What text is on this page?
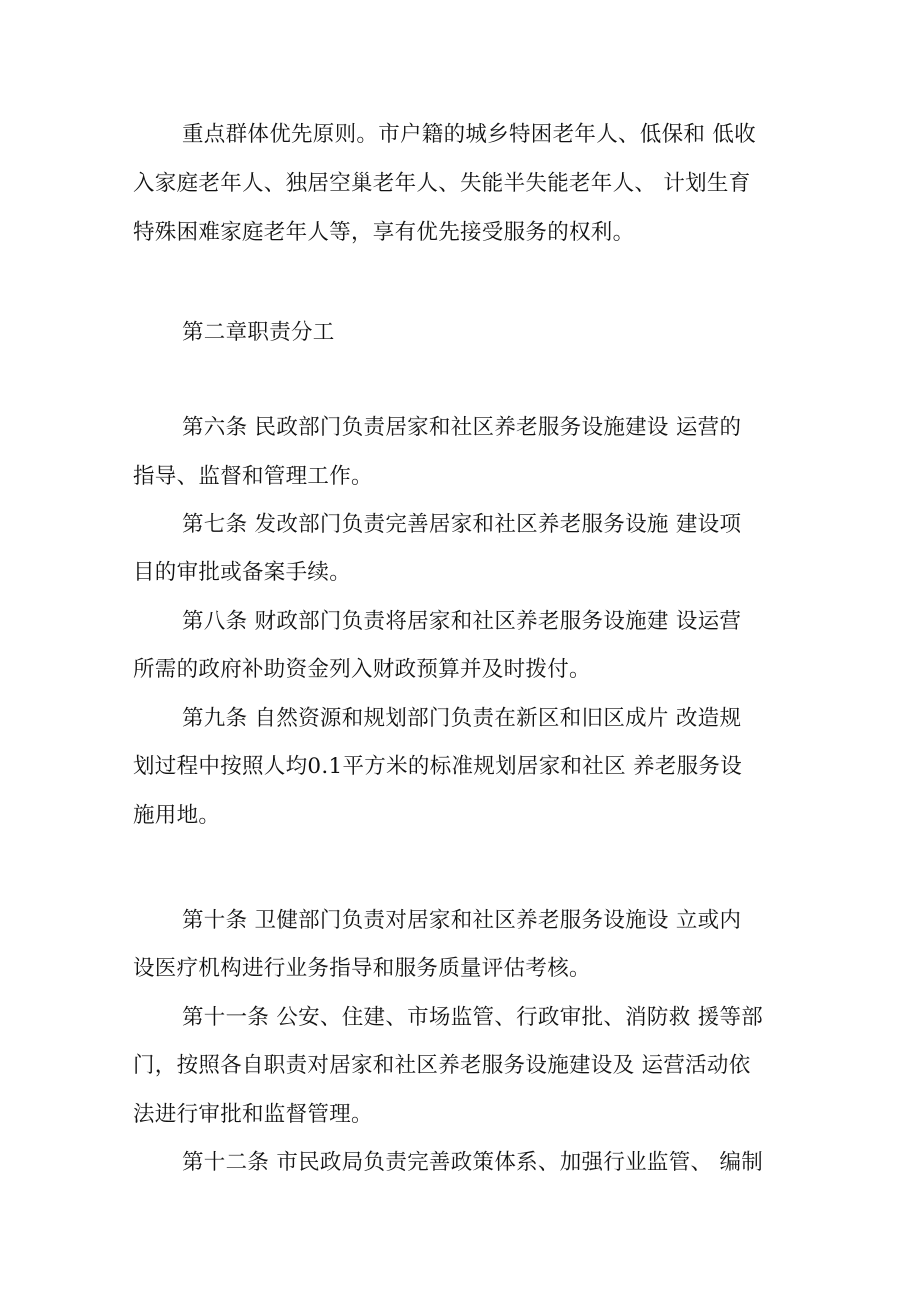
重点群体优先原则。市户籍的城乡特困老年人、低保和 低收
入家庭老年人、独居空巢老年人、失能半失能老年人、 计划生育
特殊困难家庭老年人等，享有优先接受服务的权利。
第二章职责分工
第六条 民政部门负责居家和社区养老服务设施建设 运营的
指导、监督和管理工作。
第七条 发改部门负责完善居家和社区养老服务设施 建设项
目的审批或备案手续。
第八条 财政部门负责将居家和社区养老服务设施建 设运营
所需的政府补助资金列入财政预算并及时拨付。
第九条 自然资源和规划部门负责在新区和旧区成片 改造规
划过程中按照人均0.1平方米的标准规划居家和社区 养老服务设
施用地。
第十条 卫健部门负责对居家和社区养老服务设施设 立或内
设医疗机构进行业务指导和服务质量评估考核。
第十一条 公安、住建、市场监管、行政审批、消防救 援等部
门，按照各自职责对居家和社区养老服务设施建设及 运营活动依
法进行审批和监督管理。
第十二条 市民政局负责完善政策体系、加强行业监管、 编制
